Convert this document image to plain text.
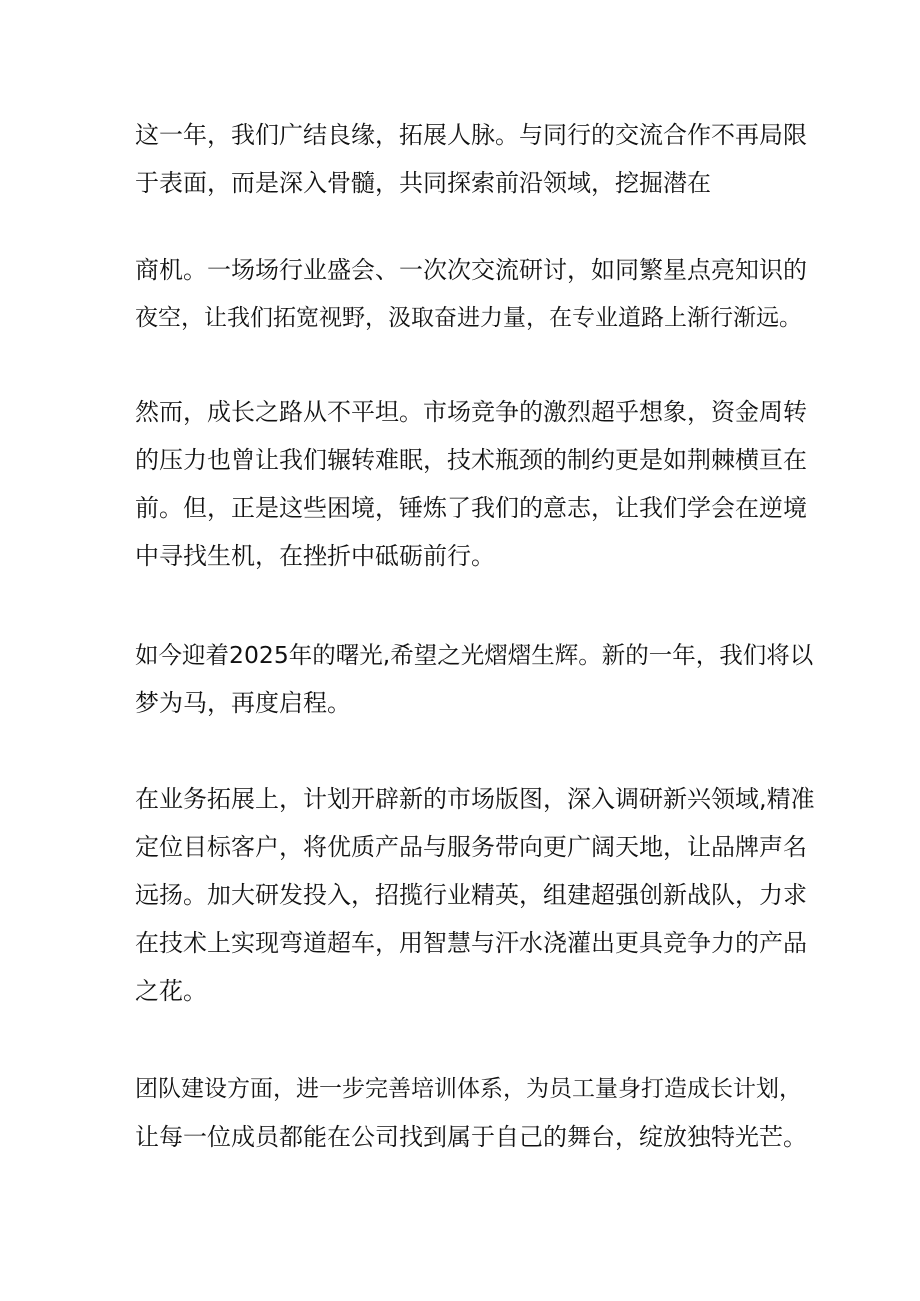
这一年，我们广结良缘，拓展人脉。与同行的交流合作不再局限
于表面，而是深入骨髓，共同探索前沿领域，挖掘潜在
商机。一场场行业盛会、一次次交流研讨，如同繁星点亮知识的
夜空，让我们拓宽视野，汲取奋进力量，在专业道路上渐行渐远。
然而，成长之路从不平坦。市场竞争的激烈超乎想象，资金周转
的压力也曾让我们辗转难眠，技术瓶颈的制约更是如荆棘横亘在
前。但，正是这些困境，锤炼了我们的意志，让我们学会在逆境
中寻找生机，在挫折中砥砺前行。
如今迎着2025年的曙光,希望之光熠熠生辉。新的一年，我们将以
梦为马，再度启程。
在业务拓展上，计划开辟新的市场版图，深入调研新兴领域,精准
定位目标客户，将优质产品与服务带向更广阔天地，让品牌声名
远扬。加大研发投入，招揽行业精英，组建超强创新战队，力求
在技术上实现弯道超车，用智慧与汗水浇灌出更具竞争力的产品
之花。
团队建设方面，进一步完善培训体系，为员工量身打造成长计划，
让每一位成员都能在公司找到属于自己的舞台，绽放独特光芒。
